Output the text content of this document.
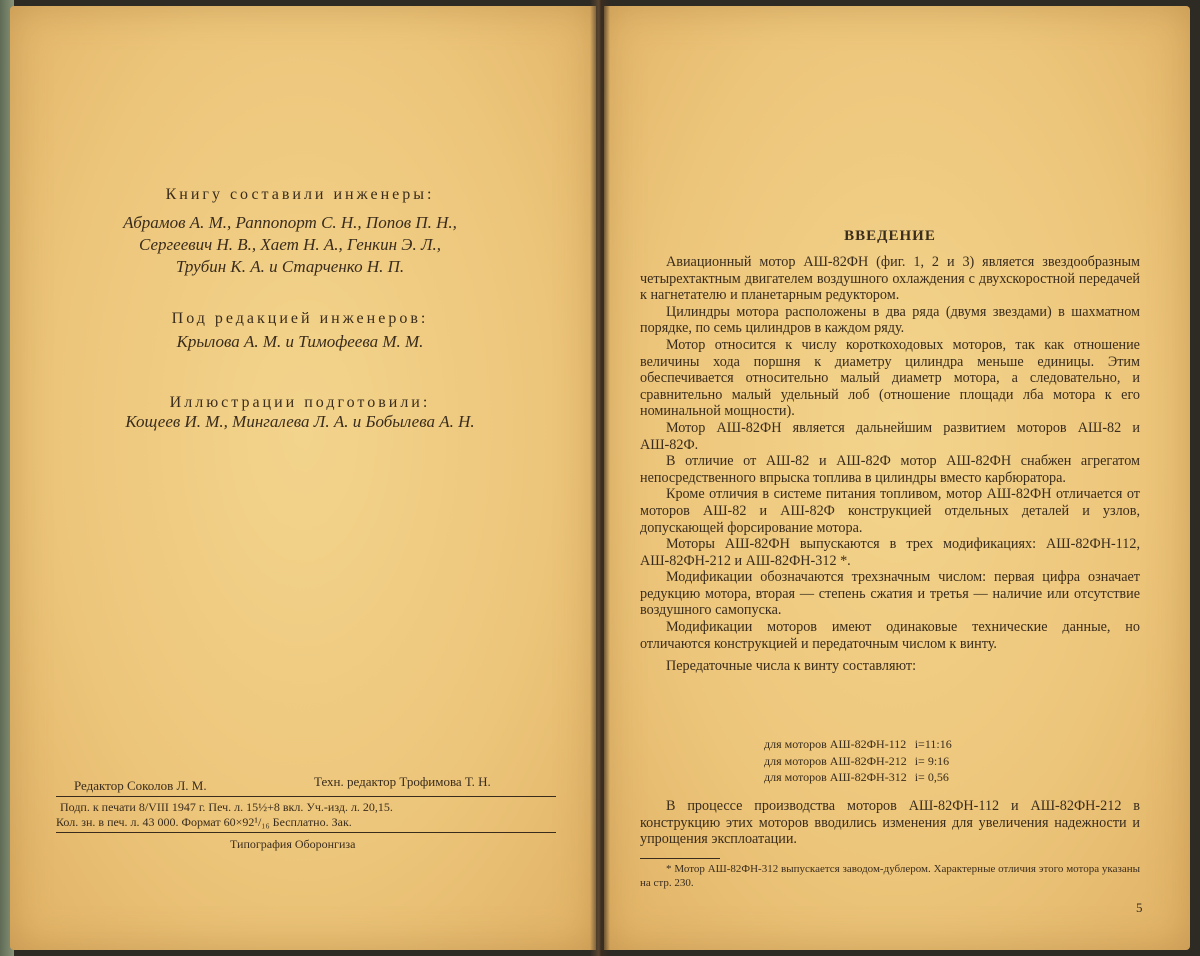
Книгу составили инженеры:
Абрамов А. М., Раппопорт С. Н., Попов П. Н.,
Сергеевич Н. В., Хает Н. А., Генкин Э. Л.,
Трубин К. А. и Старченко Н. П.
Под редакцией инженеров:
Крылова А. М. и Тимофеева М. М.
Иллюстрации подготовили:
Кощеев И. М., Мингалева Л. А. и Бобылева А. Н.
Редактор Соколов Л. М.	Техн. редактор Трофимова Т. Н.
Подп. к печати 8/VIII 1947 г. Печ. л. 15½+8 вкл. Уч.-изд. л. 20,15.
Кол. зн. в печ. л. 43 000. Формат 60×92¹/₁₆ Бесплатно. Зак.
Типография Оборонгиза
ВВЕДЕНИЕ

Авиационный мотор АШ-82ФН (фиг. 1, 2 и 3) является звездообразным четырехтактным двигателем воздушного охлаждения с двухскоростной передачей к нагнетателю и планетарным редуктором.

Цилиндры мотора расположены в два ряда (двумя звездами) в шахматном порядке, по семь цилиндров в каждом ряду.

Мотор относится к числу короткоходовых моторов, так как отношение величины хода поршня к диаметру цилиндра меньше единицы. Этим обеспечивается относительно малый диаметр мотора, а следовательно, и сравнительно малый удельный лоб (отношение площади лба мотора к его номинальной мощности).

Мотор АШ-82ФН является дальнейшим развитием моторов АШ-82 и АШ-82Ф.

В отличие от АШ-82 и АШ-82Ф мотор АШ-82ФН снабжен агрегатом непосредственного впрыска топлива в цилиндры вместо карбюратора.

Кроме отличия в системе питания топливом, мотор АШ-82ФН отличается от моторов АШ-82 и АШ-82Ф конструкцией отдельных деталей и узлов, допускающей форсирование мотора.

Моторы АШ-82ФН выпускаются в трех модификациях: АШ-82ФН-112, АШ-82ФН-212 и АШ-82ФН-312 *.

Модификации обозначаются трехзначным числом: первая цифра означает редукцию мотора, вторая — степень сжатия и третья — наличие или отсутствие воздушного самопуска.

Модификации моторов имеют одинаковые технические данные, но отличаются конструкцией и передаточным числом к винту.

Передаточные числа к винту составляют:

для моторов АШ-82ФН-112	i=11:16
для моторов АШ-82ФН-212	i= 9:16
для моторов АШ-82ФН-312	i= 0,56

В процессе производства моторов АШ-82ФН-112 и АШ-82ФН-212 в конструкцию этих моторов вводились изменения для увеличения надежности и упрощения эксплоатации.

* Мотор АШ-82ФН-312 выпускается заводом-дублером. Характерные отличия этого мотора указаны на стр. 230.

5
